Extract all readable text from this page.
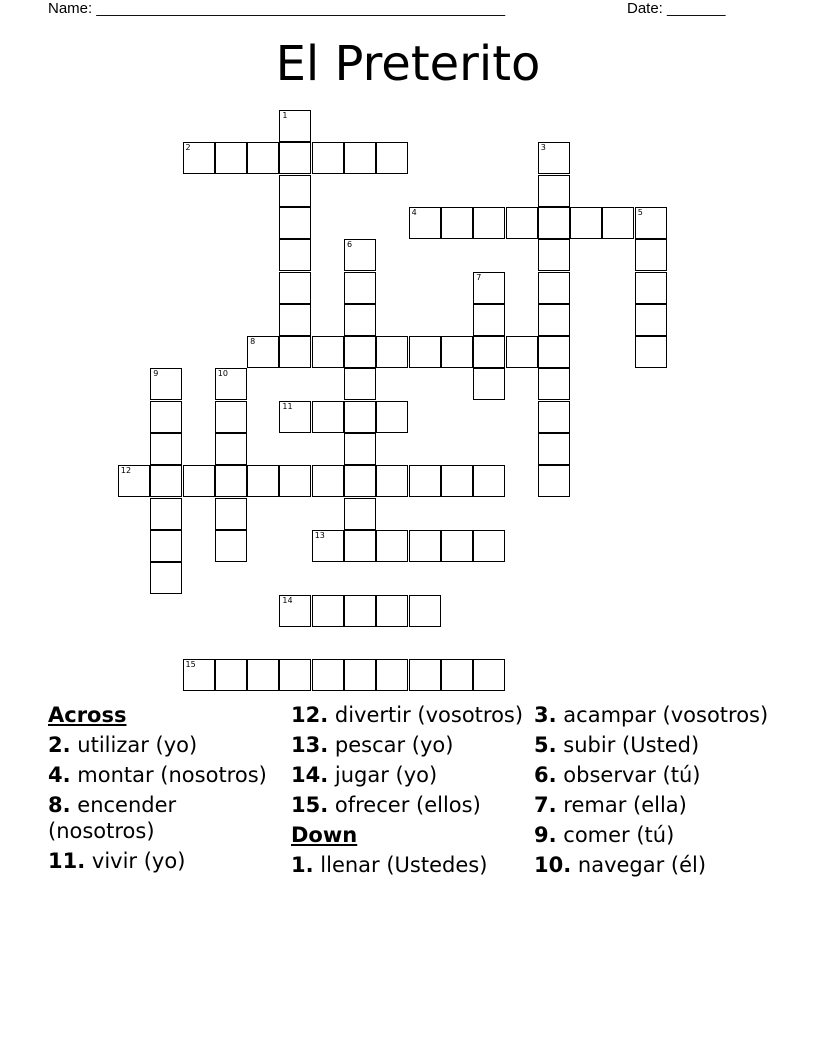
Name: _________________________________________________	Date: _______
El Preterito
2
4	5
8
11
12
13
14
15
1
3
6
7
9	10
Across
2. utilizar (yo)
4. montar (nosotros)
8. encender (nosotros)
11. vivir (yo)
12. divertir (vosotros)
13. pescar (yo)
14. jugar (yo)
15. ofrecer (ellos)
Down
1. llenar (Ustedes)
3. acampar (vosotros)
5. subir (Usted)
6. observar (tú)
7. remar (ella)
9. comer (tú)
10. navegar (él)
